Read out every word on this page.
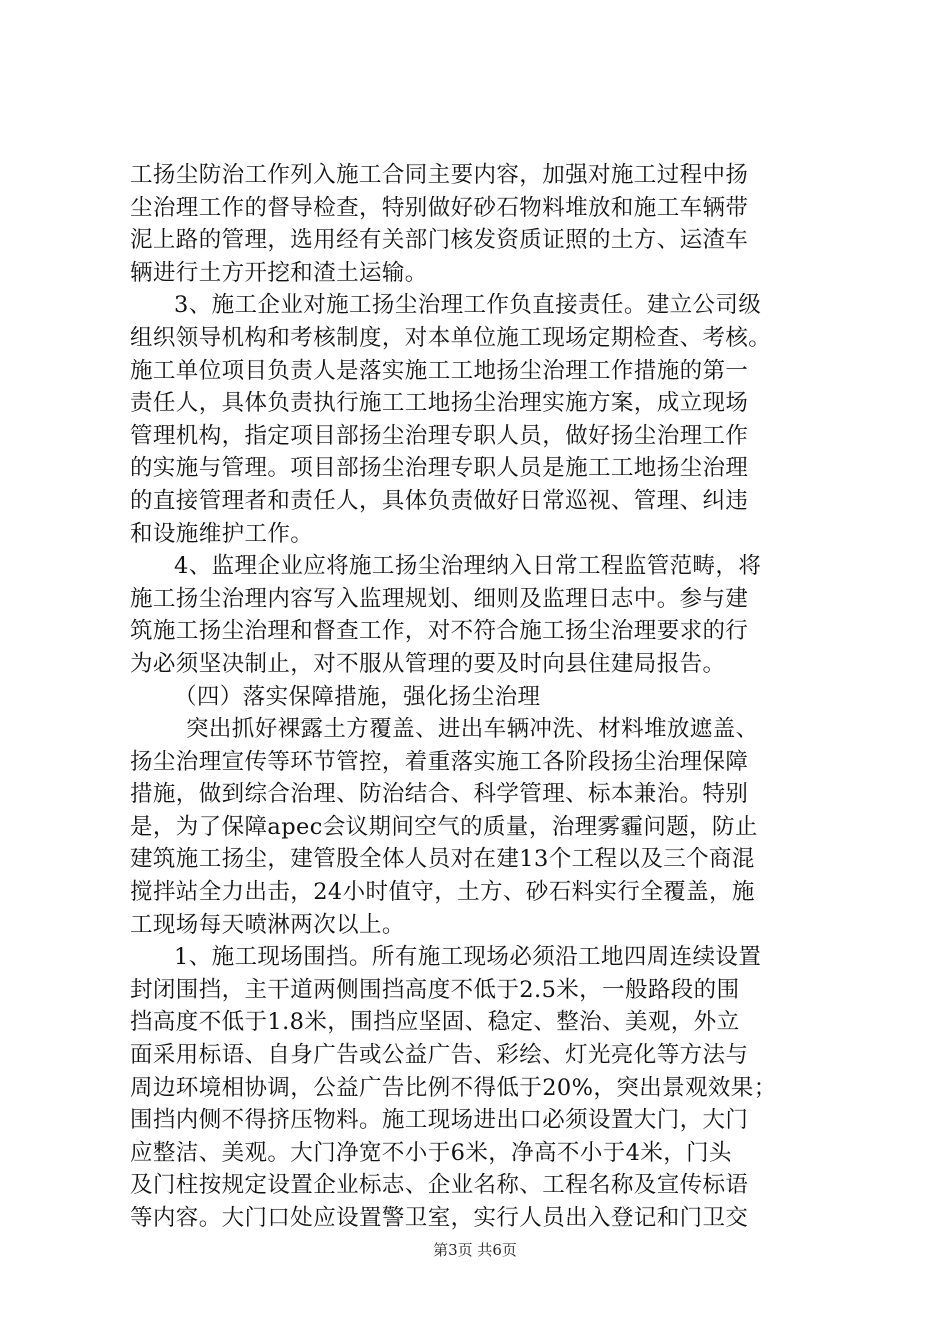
工扬尘防治工作列入施工合同主要内容，加强对施工过程中扬
尘治理工作的督导检查，特别做好砂石物料堆放和施工车辆带
泥上路的管理，选用经有关部门核发资质证照的土方、运渣车
辆进行土方开挖和渣土运输。
3、施工企业对施工扬尘治理工作负直接责任。建立公司级
组织领导机构和考核制度，对本单位施工现场定期检查、考核。
施工单位项目负责人是落实施工工地扬尘治理工作措施的第一
责任人，具体负责执行施工工地扬尘治理实施方案，成立现场
管理机构，指定项目部扬尘治理专职人员，做好扬尘治理工作
的实施与管理。项目部扬尘治理专职人员是施工工地扬尘治理
的直接管理者和责任人，具体负责做好日常巡视、管理、纠违
和设施维护工作。
4、监理企业应将施工扬尘治理纳入日常工程监管范畴，将
施工扬尘治理内容写入监理规划、细则及监理日志中。参与建
筑施工扬尘治理和督查工作，对不符合施工扬尘治理要求的行
为必须坚决制止，对不服从管理的要及时向县住建局报告。
（四）落实保障措施，强化扬尘治理
突出抓好裸露土方覆盖、进出车辆冲洗、材料堆放遮盖、
扬尘治理宣传等环节管控，着重落实施工各阶段扬尘治理保障
措施，做到综合治理、防治结合、科学管理、标本兼治。特别
是，为了保障apec会议期间空气的质量，治理雾霾问题，防止
建筑施工扬尘，建管股全体人员对在建13个工程以及三个商混
搅拌站全力出击，24小时值守，土方、砂石料实行全覆盖，施
工现场每天喷淋两次以上。
1、施工现场围挡。所有施工现场必须沿工地四周连续设置
封闭围挡，主干道两侧围挡高度不低于2.5米，一般路段的围
挡高度不低于1.8米，围挡应坚固、稳定、整治、美观，外立
面采用标语、自身广告或公益广告、彩绘、灯光亮化等方法与
周边环境相协调，公益广告比例不得低于20%，突出景观效果；
围挡内侧不得挤压物料。施工现场进出口必须设置大门，大门
应整洁、美观。大门净宽不小于6米，净高不小于4米，门头
及门柱按规定设置企业标志、企业名称、工程名称及宣传标语
等内容。大门口处应设置警卫室，实行人员出入登记和门卫交
第3页 共6页
